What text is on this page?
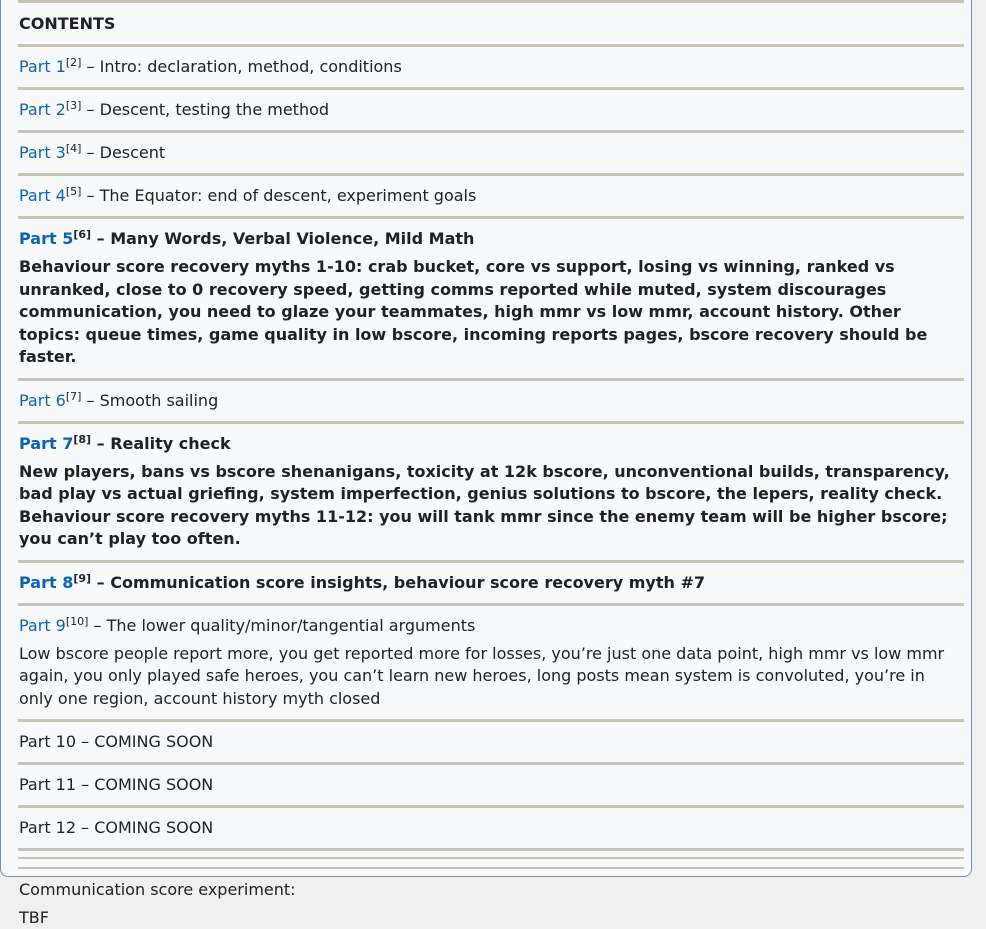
CONTENTS
Part 1[2] – Intro: declaration, method, conditions
Part 2[3] – Descent, testing the method
Part 3[4] – Descent
Part 4[5] – The Equator: end of descent, experiment goals
Part 5[6] – Many Words, Verbal Violence, Mild Math
Behaviour score recovery myths 1-10: crab bucket, core vs support, losing vs winning, ranked vs unranked, close to 0 recovery speed, getting comms reported while muted, system discourages communication, you need to glaze your teammates, high mmr vs low mmr, account history. Other topics: queue times, game quality in low bscore, incoming reports pages, bscore recovery should be faster.
Part 6[7] – Smooth sailing
Part 7[8] – Reality check
New players, bans vs bscore shenanigans, toxicity at 12k bscore, unconventional builds, transparency, bad play vs actual griefing, system imperfection, genius solutions to bscore, the lepers, reality check. Behaviour score recovery myths 11-12: you will tank mmr since the enemy team will be higher bscore; you can’t play too often.
Part 8[9] – Communication score insights, behaviour score recovery myth #7
Part 9[10] – The lower quality/minor/tangential arguments
Low bscore people report more, you get reported more for losses, you’re just one data point, high mmr vs low mmr again, you only played safe heroes, you can’t learn new heroes, long posts mean system is convoluted, you’re in only one region, account history myth closed
Part 10 – COMING SOON
Part 11 – COMING SOON
Part 12 – COMING SOON
Communication score experiment:
TBF
